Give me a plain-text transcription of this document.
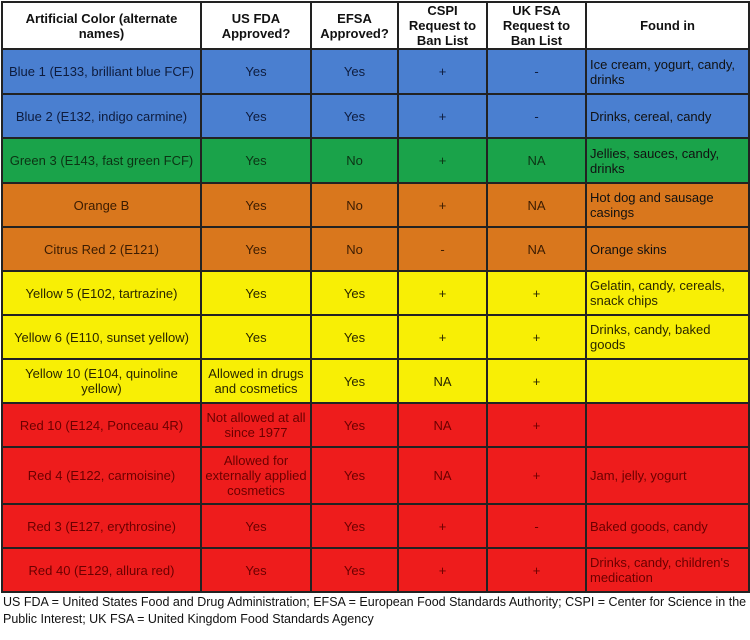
Artificial Color (alternate names)	US FDA Approved?	EFSA Approved?	CSPI Request to Ban List	UK FSA Request to Ban List	Found in
Blue 1 (E133, brilliant blue FCF)	Yes	Yes	+	-	Ice cream, yogurt, candy, drinks
Blue 2 (E132, indigo carmine)	Yes	Yes	+	-	Drinks, cereal, candy
Green 3 (E143, fast green FCF)	Yes	No	+	NA	Jellies, sauces, candy, drinks
Orange B	Yes	No	+	NA	Hot dog and sausage casings
Citrus Red 2 (E121)	Yes	No	-	NA	Orange skins
Yellow 5 (E102, tartrazine)	Yes	Yes	+	+	Gelatin, candy, cereals, snack chips
Yellow 6 (E110, sunset yellow)	Yes	Yes	+	+	Drinks, candy, baked goods
Yellow 10 (E104, quinoline yellow)	Allowed in drugs and cosmetics	Yes	NA	+	
Red 10 (E124, Ponceau 4R)	Not allowed at all since 1977	Yes	NA	+	
Red 4 (E122, carmoisine)	Allowed for externally applied cosmetics	Yes	NA	+	Jam, jelly, yogurt
Red 3 (E127, erythrosine)	Yes	Yes	+	-	Baked goods, candy
Red 40 (E129, allura red)	Yes	Yes	+	+	Drinks, candy, children's medication
US FDA = United States Food and Drug Administration; EFSA = European Food Standards Authority; CSPI = Center for Science in the Public Interest; UK FSA = United Kingdom Food Standards Agency
